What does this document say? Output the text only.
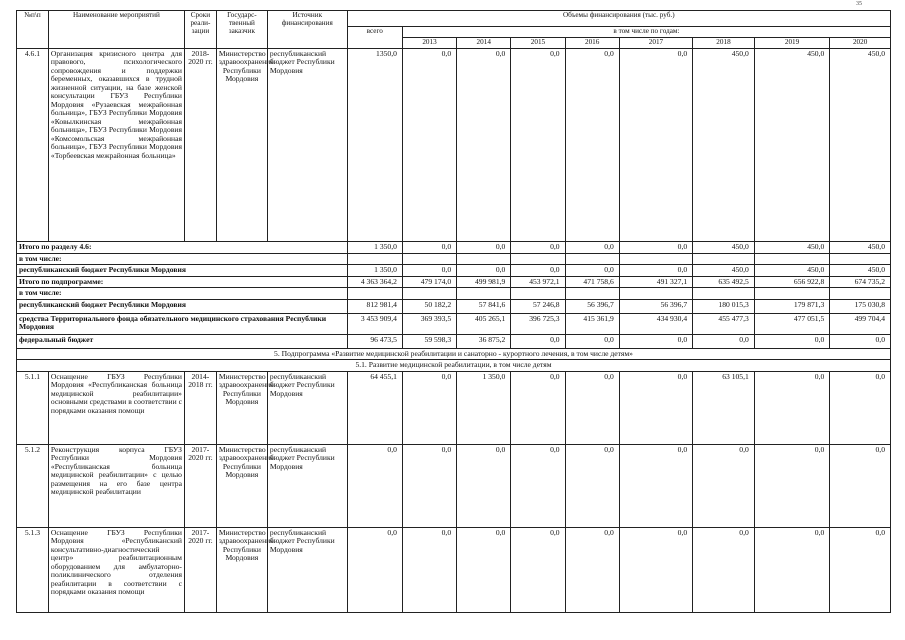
35
№п\п	Наименование мероприятий	Сроки реали-зации	Государс-твенный заказчик	Источник финансирования	Объемы финансирования (тыс. руб.)								
					всего	в том числе по годам:							
						2013	2014	2015	2016	2017	2018	2019	2020
4.6.1	Организация кризисного центра для правового, психологического сопровождения и поддержки беременных, оказавшихся в трудной жизненной ситуации, на базе женской консультации ГБУЗ Республики Мордовия «Рузаевская межрайонная больница», ГБУЗ Республики Мордовия «Ковылкинская межрайонная больница», ГБУЗ Республики Мордовия «Комсомольская межрайонная больница», ГБУЗ Республики Мордовия «Торбеевская межрайонная больница»	2018-2020 гг.	Министерство здравоохранения Республики Мордовия	республиканский бюджет Республики Мордовия	1350,0	0,0	0,0	0,0	0,0	0,0	450,0	450,0	450,0
Итого по разделу 4.6:					1 350,0	0,0	0,0	0,0	0,0	0,0	450,0	450,0	450,0
в том числе:													
республиканский бюджет Республики Мордовия					1 350,0	0,0	0,0	0,0	0,0	0,0	450,0	450,0	450,0
Итого по подпрограмме:					4 363 364,2	479 174,0	499 981,9	453 972,1	471 758,6	491 327,1	635 492,5	656 922,8	674 735,2
в том числе:													
республиканский бюджет Республики Мордовия					812 981,4	50 182,2	57 841,6	57 246,8	56 396,7	56 396,7	180 015,3	179 871,3	175 030,8
средства Территориального фонда обязательного медицинского страхования Республики Мордовия					3 453 909,4	369 393,5	405 265,1	396 725,3	415 361,9	434 930,4	455 477,3	477 051,5	499 704,4
федеральный бюджет					96 473,5	59 598,3	36 875,2	0,0	0,0	0,0	0,0	0,0	0,0
5. Подпрограмма «Развитие медицинской реабилитации и санаторно - курортного лечения, в том числе детям»													
5.1. Развитие медицинской реабилитации, в том числе детям													
5.1.1	Оснащение ГБУЗ Республики Мордовия «Республиканская больница медицинской реабилитации» основными средствами в соответствии с порядками оказания помощи	2014-2018 гг.	Министерство здравоохранения Республики Мордовия	республиканский бюджет Республики Мордовия	64 455,1	0,0	1 350,0	0,0	0,0	0,0	63 105,1	0,0	0,0
5.1.2	Реконструкция корпуса ГБУЗ Республики Мордовия «Республиканская больница медицинской реабилитации» с целью размещения на его базе центра медицинской реабилитации	2017-2020 гг.	Министерство здравоохранения Республики Мордовия	республиканский бюджет Республики Мордовия	0,0	0,0	0,0	0,0	0,0	0,0	0,0	0,0	0,0
5.1.3	Оснащение ГБУЗ Республики Мордовия «Республиканский консультативно-диагностический центр» реабилитационным оборудованием для амбулаторно-поликлинического отделения реабилитации в соответствии с порядками оказания помощи	2017-2020 гг.	Министерство здравоохранения Республики Мордовия	республиканский бюджет Республики Мордовия	0,0	0,0	0,0	0,0	0,0	0,0	0,0	0,0	0,0
